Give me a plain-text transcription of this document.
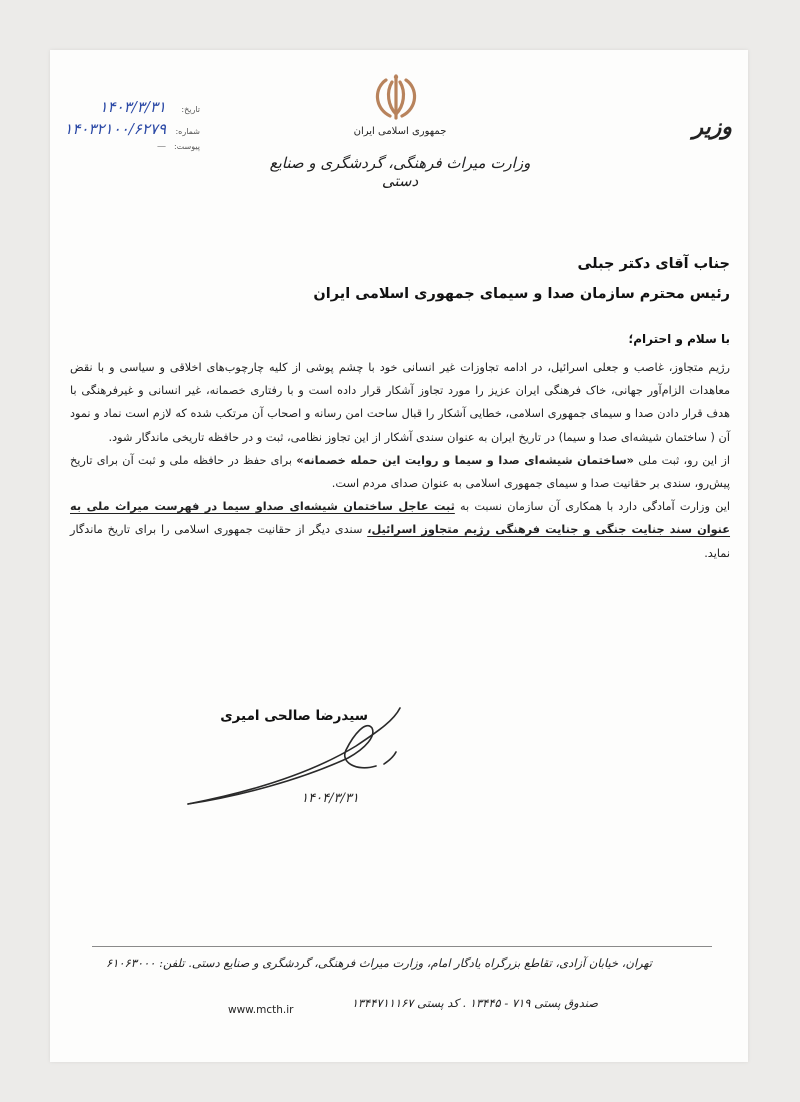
جمهوری اسلامی ایران
وزارت میراث فرهنگی، گردشگری و صنایع دستی
وزیر
تاریخ:
۱۴۰۳/۳/۳۱
شماره:
۱۴۰۳۲۱۰۰/۶۲۷۹
پیوست:
—
جناب آقای دکتر جبلی
رئیس محترم سازمان صدا و سیمای جمهوری اسلامی ایران
با سلام و احترام؛

رژیم متجاوز، غاصب و جعلی اسرائیل، در ادامه تجاوزات غیر انسانی خود با چشم پوشی از کلیه چارچوب‌های اخلاقی و سیاسی و با نقض معاهدات الزام‌آور جهانی، خاک فرهنگی ایران عزیز را مورد تجاوز آشکار قرار داده است و با رفتاری خصمانه، غیر انسانی و غیرفرهنگی با هدف قرار دادن صدا و سیمای جمهوری اسلامی، خطایی آشکار را قبال ساحت امن رسانه و اصحاب آن مرتکب شده که لازم است نماد و نمود آن ( ساختمان شیشه‌ای صدا و سیما) در تاریخ ایران به عنوان سندی آشکار از این تجاوز نظامی، ثبت و در حافظه تاریخی ماندگار شود.

از این رو، ثبت ملی «ساختمان شیشه‌ای صدا و سیما و روایت این حمله خصمانه» برای حفظ در حافظه ملی و ثبت آن برای تاریخ پیش‌رو، سندی بر حقانیت صدا و سیمای جمهوری اسلامی به عنوان صدای مردم است.

این وزارت آمادگی دارد با همکاری آن سازمان نسبت به ثبت عاجل ساختمان شیشه‌ای صداو سیما در فهرست میراث ملی به عنوان سند جنایت جنگی و جنایت فرهنگی رژیم متجاوز اسرائیل، سندی دیگر از حقانیت جمهوری اسلامی را برای تاریخ ماندگار نماید.

سیدرضا صالحی امیری
۱۴۰۴/۳/۳۱
تهران، خیابان آزادی، تقاطع بزرگراه یادگار امام، وزارت میراث فرهنگی، گردشگری و صنایع دستی. تلفن: ۶۱۰۶۳۰۰۰
صندوق پستی ۷۱۹ - ۱۳۴۴۵ . کد پستی ۱۳۴۴۷۱۱۱۶۷
www.mcth.ir
